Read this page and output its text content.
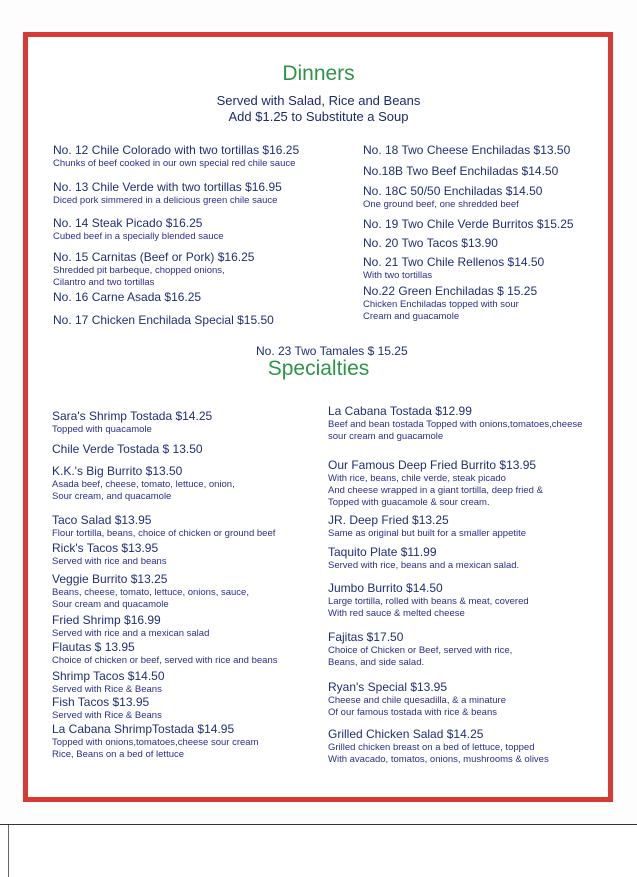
Dinners
Served with Salad, Rice and Beans
Add $1.25 to Substitute a Soup
No. 12 Chile Colorado with two tortillas $16.25
Chunks of beef cooked in our own special red chile sauce
No. 13 Chile Verde with two tortillas $16.95
Diced pork simmered in a delicious green chile sauce
No. 14 Steak Picado $16.25
Cubed beef in a specially blended sauce
No. 15 Carnitas (Beef or Pork) $16.25
Shredded pit barbeque, chopped onions,
Cilantro and two tortillas
No. 16 Carne Asada $16.25
No. 17 Chicken Enchilada Special $15.50
No. 18 Two Cheese Enchiladas $13.50
No.18B Two Beef Enchiladas $14.50
No. 18C 50/50 Enchiladas $14.50
One ground beef, one shredded beef
No. 19 Two Chile Verde Burritos $15.25
No. 20 Two Tacos $13.90
No. 21 Two Chile Rellenos $14.50
With two tortillas
No.22 Green Enchiladas $ 15.25
Chicken Enchiladas topped with sour
Cream and guacamole
No. 23 Two Tamales $ 15.25
Specialties
Sara's Shrimp Tostada $14.25
Topped with quacamole
Chile Verde Tostada $ 13.50
K.K.'s Big Burrito $13.50
Asada beef, cheese, tomato, lettuce, onion,
Sour cream, and quacamole
Taco Salad $13.95
Flour tortilla, beans, choice of chicken or ground beef
Rick's Tacos $13.95
Served with rice and beans
Veggie Burrito $13.25
Beans, cheese, tomato, lettuce, onions, sauce,
Sour cream and quacamole
Fried Shrimp $16.99
Served with rice and a mexican salad
Flautas $ 13.95
Choice of chicken or beef, served with rice and beans
Shrimp Tacos $14.50
Served with Rice & Beans
Fish Tacos $13.95
Served with Rice & Beans
La Cabana ShrimpTostada $14.95
Topped with onions,tomatoes,cheese sour cream
Rice, Beans on a bed of lettuce
La Cabana Tostada $12.99
Beef and bean tostada Topped with onions,tomatoes,cheese
sour cream and guacamole
Our Famous Deep Fried Burrito $13.95
With rice, beans, chile verde, steak picado
And cheese wrapped in a giant tortilla, deep fried &
Topped with guacamole & sour cream.
JR. Deep Fried $13.25
Same as original but built for a smaller appetite
Taquito Plate $11.99
Served with rice, beans and a mexican salad.
Jumbo Burrito $14.50
Large tortilla, rolled with beans & meat, covered
With red sauce & melted cheese
Fajitas $17.50
Choice of Chicken or Beef, served with rice,
Beans, and side salad.
Ryan's Special $13.95
Cheese and chile quesadilla, & a minature
Of our famous tostada with rice & beans
Grilled Chicken Salad $14.25
Grilled chicken breast on a bed of lettuce, topped
With avacado, tomatos, onions, mushrooms & olives
